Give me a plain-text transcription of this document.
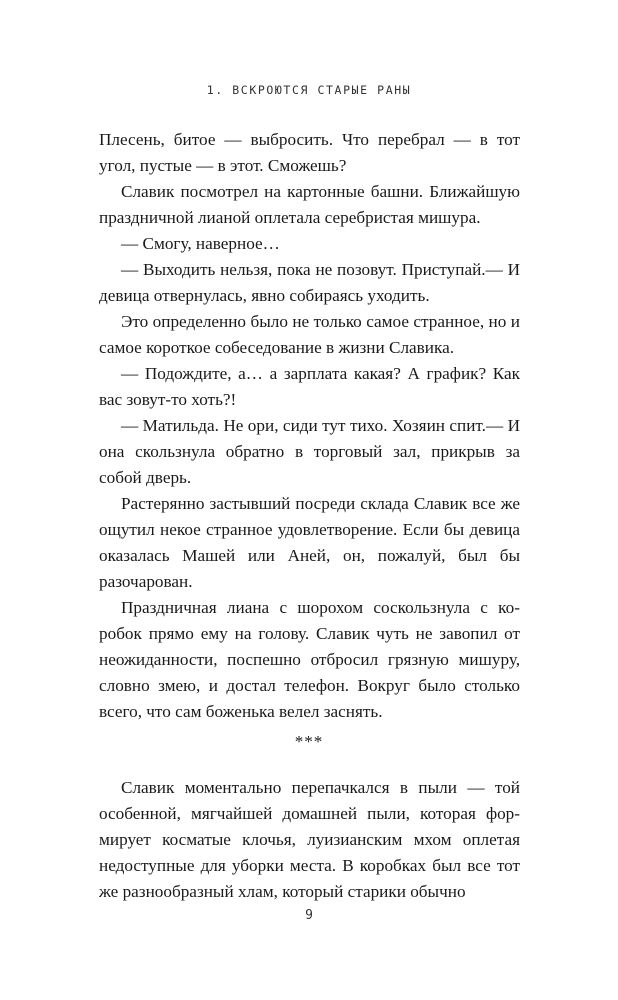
1. ВСКРОЮТСЯ СТАРЫЕ РАНЫ

Плесень, битое — выбросить. Что перебрал — в тот угол, пустые — в этот. Сможешь?

Славик посмотрел на картонные башни. Ближайшую праздничной лианой оплетала серебристая мишура.

— Смогу, наверное…

— Выходить нельзя, пока не позовут. Приступай.— И девица отвернулась, явно собираясь уходить.

Это определенно было не только самое странное, но и самое короткое собеседование в жизни Славика.

— Подождите, а… а зарплата какая? А график? Как вас зовут-то хоть?!

— Матильда. Не ори, сиди тут тихо. Хозяин спит.— И она скользнула обратно в торговый зал, прикрыв за собой дверь.

Растерянно застывший посреди склада Славик все же ощутил некое странное удовлетворение. Если бы девица оказалась Машей или Аней, он, пожалуй, был бы разочарован.

Праздничная лиана с шорохом соскользнула с коробок прямо ему на голову. Славик чуть не завопил от неожиданности, поспешно отбросил грязную мишуру, словно змею, и достал телефон. Вокруг было столько всего, что сам боженька велел заснять.

***

Славик моментально перепачкался в пыли — той особенной, мягчайшей домашней пыли, которая формирует косматые клочья, луизианским мхом оплетая недоступные для уборки места. В коробках был все тот же разнообразный хлам, который старики обычно

9
